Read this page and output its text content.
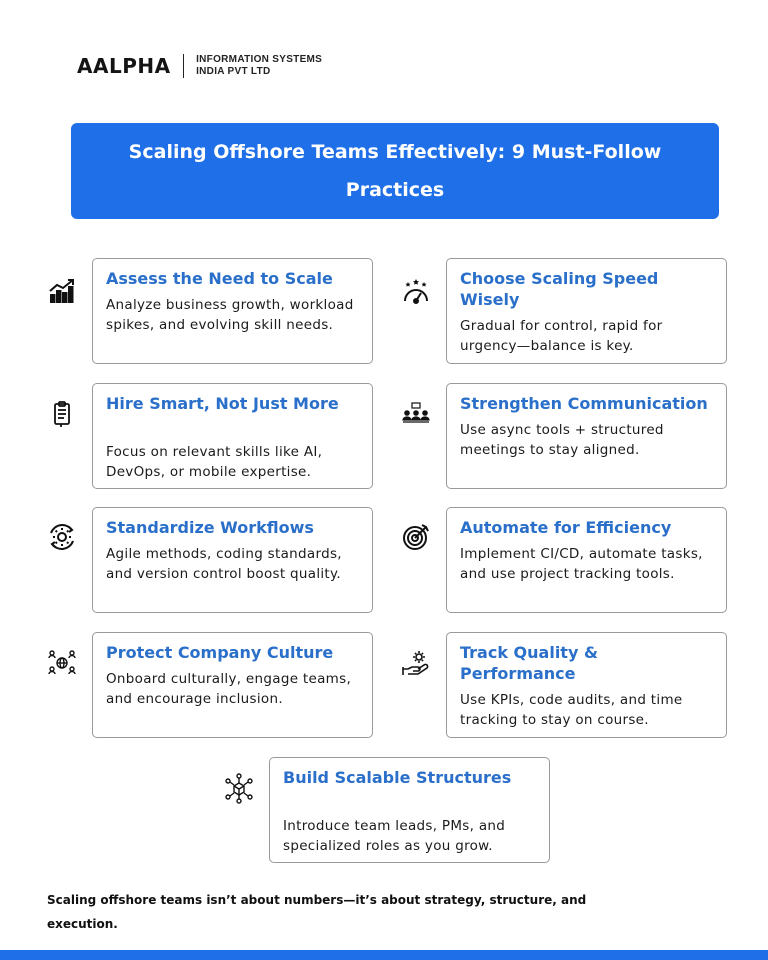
AALPHA	INFORMATION SYSTEMS
INDIA PVT LTD
Scaling Offshore Teams Effectively: 9 Must-Follow Practices
Assess the Need to Scale
Analyze business growth, workload spikes, and evolving skill needs.
Choose Scaling Speed Wisely
Gradual for control, rapid for urgency—balance is key.
Hire Smart, Not Just More
Focus on relevant skills like AI, DevOps, or mobile expertise.
Strengthen Communication
Use async tools + structured meetings to stay aligned.
Standardize Workflows
Agile methods, coding standards, and version control boost quality.
Automate for Efficiency
Implement CI/CD, automate tasks, and use project tracking tools.
Protect Company Culture
Onboard culturally, engage teams, and encourage inclusion.
Track Quality & Performance
Use KPIs, code audits, and time tracking to stay on course.
Build Scalable Structures
Introduce team leads, PMs, and specialized roles as you grow.
Scaling offshore teams isn’t about numbers—it’s about strategy, structure, and execution.
